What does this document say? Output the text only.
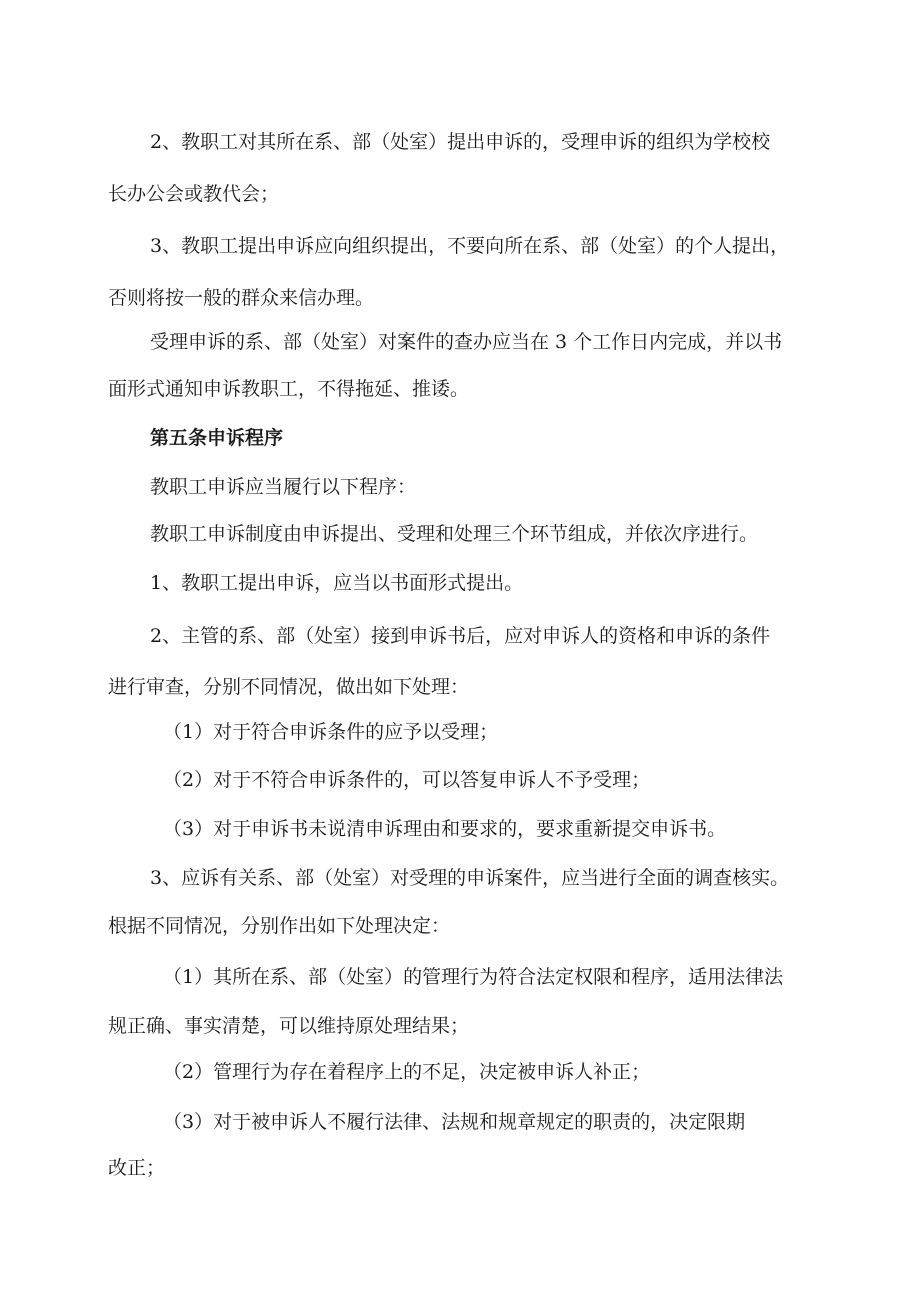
2、教职工对其所在系、部（处室）提出申诉的，受理申诉的组织为学校校
长办公会或教代会；
3、教职工提出申诉应向组织提出，不要向所在系、部（处室）的个人提出，
否则将按一般的群众来信办理。
受理申诉的系、部（处室）对案件的查办应当在 3 个工作日内完成，并以书
面形式通知申诉教职工，不得拖延、推诿。
第五条申诉程序
教职工申诉应当履行以下程序：
教职工申诉制度由申诉提出、受理和处理三个环节组成，并依次序进行。
1、教职工提出申诉，应当以书面形式提出。
2、主管的系、部（处室）接到申诉书后，应对申诉人的资格和申诉的条件
进行审查，分别不同情况，做出如下处理：
（1）对于符合申诉条件的应予以受理；
（2）对于不符合申诉条件的，可以答复申诉人不予受理；
（3）对于申诉书未说清申诉理由和要求的，要求重新提交申诉书。
3、应诉有关系、部（处室）对受理的申诉案件，应当进行全面的调查核实。
根据不同情况，分别作出如下处理决定：
（1）其所在系、部（处室）的管理行为符合法定权限和程序，适用法律法
规正确、事实清楚，可以维持原处理结果；
（2）管理行为存在着程序上的不足，决定被申诉人补正；
（3）对于被申诉人不履行法律、法规和规章规定的职责的，决定限期
改正；
